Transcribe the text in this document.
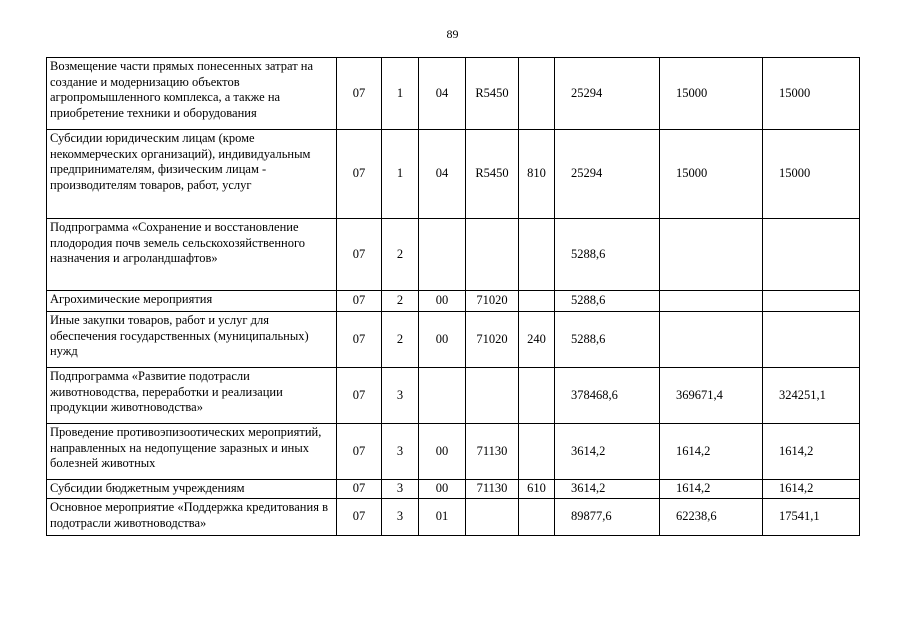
89
Возмещение части прямых понесенных затрат на создание и модернизацию объектов агропромышленного комплекса, а также на приобретение техники и оборудования	07	1	04	R5450		25294	15000	15000
Субсидии юридическим лицам (кроме некоммерческих организаций), индивидуальным предпринимателям, физическим лицам - производителям товаров, работ, услуг	07	1	04	R5450	810	25294	15000	15000
Подпрограмма «Сохранение и восстановление плодородия почв земель сельскохозяйственного назначения и агроландшафтов»	07	2				5288,6		
Агрохимические мероприятия	07	2	00	71020		5288,6		
Иные закупки товаров, работ и услуг для обеспечения государственных (муниципальных) нужд	07	2	00	71020	240	5288,6		
Подпрограмма «Развитие подотрасли животноводства, переработки и реализации продукции животноводства»	07	3				378468,6	369671,4	324251,1
Проведение противоэпизоотических мероприятий, направленных на недопущение заразных и иных болезней животных	07	3	00	71130		3614,2	1614,2	1614,2
Субсидии бюджетным учреждениям	07	3	00	71130	610	3614,2	1614,2	1614,2
Основное мероприятие «Поддержка кредитования в подотрасли животноводства»	07	3	01			89877,6	62238,6	17541,1
